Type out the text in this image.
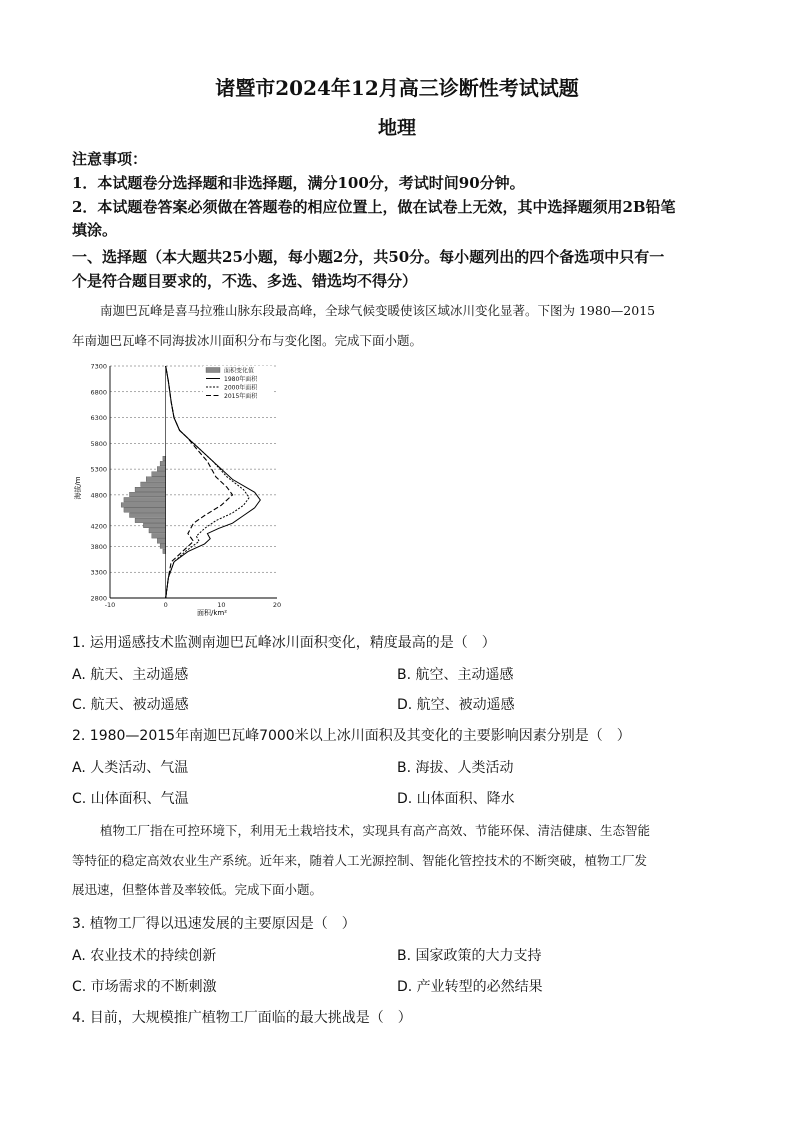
诸暨市2024年12月高三诊断性考试试题
地理
注意事项：
1．本试题卷分选择题和非选择题，满分100分，考试时间90分钟。
2．本试题卷答案必须做在答题卷的相应位置上，做在试卷上无效，其中选择题须用2B铅笔
填涂。
一、选择题（本大题共25小题，每小题2分，共50分。每小题列出的四个备选项中只有一
个是符合题目要求的，不选、多选、错选均不得分）
南迦巴瓦峰是喜马拉雅山脉东段最高峰，全球气候变暖使该区域冰川变化显著。下图为 1980—2015
年南迦巴瓦峰不同海拔冰川面积分布与变化图。完成下面小题。
2800
3300
3800
4200
4800
5300
5800
6300
6800
7300
-10	0	10	20
海拔/m
面积/km²
面积变化值
1980年面积
2000年面积
2015年面积
1. 运用遥感技术监测南迦巴瓦峰冰川面积变化，精度最高的是（　）
A. 航天、主动遥感	B. 航空、主动遥感
C. 航天、被动遥感	D. 航空、被动遥感
2. 1980—2015年南迦巴瓦峰7000米以上冰川面积及其变化的主要影响因素分别是（　）
A. 人类活动、气温	B. 海拔、人类活动
C. 山体面积、气温	D. 山体面积、降水
植物工厂指在可控环境下，利用无土栽培技术，实现具有高产高效、节能环保、清洁健康、生态智能
等特征的稳定高效农业生产系统。近年来，随着人工光源控制、智能化管控技术的不断突破，植物工厂发
展迅速，但整体普及率较低。完成下面小题。
3. 植物工厂得以迅速发展的主要原因是（　）
A. 农业技术的持续创新	B. 国家政策的大力支持
C. 市场需求的不断刺激	D. 产业转型的必然结果
4. 目前，大规模推广植物工厂面临的最大挑战是（　）
